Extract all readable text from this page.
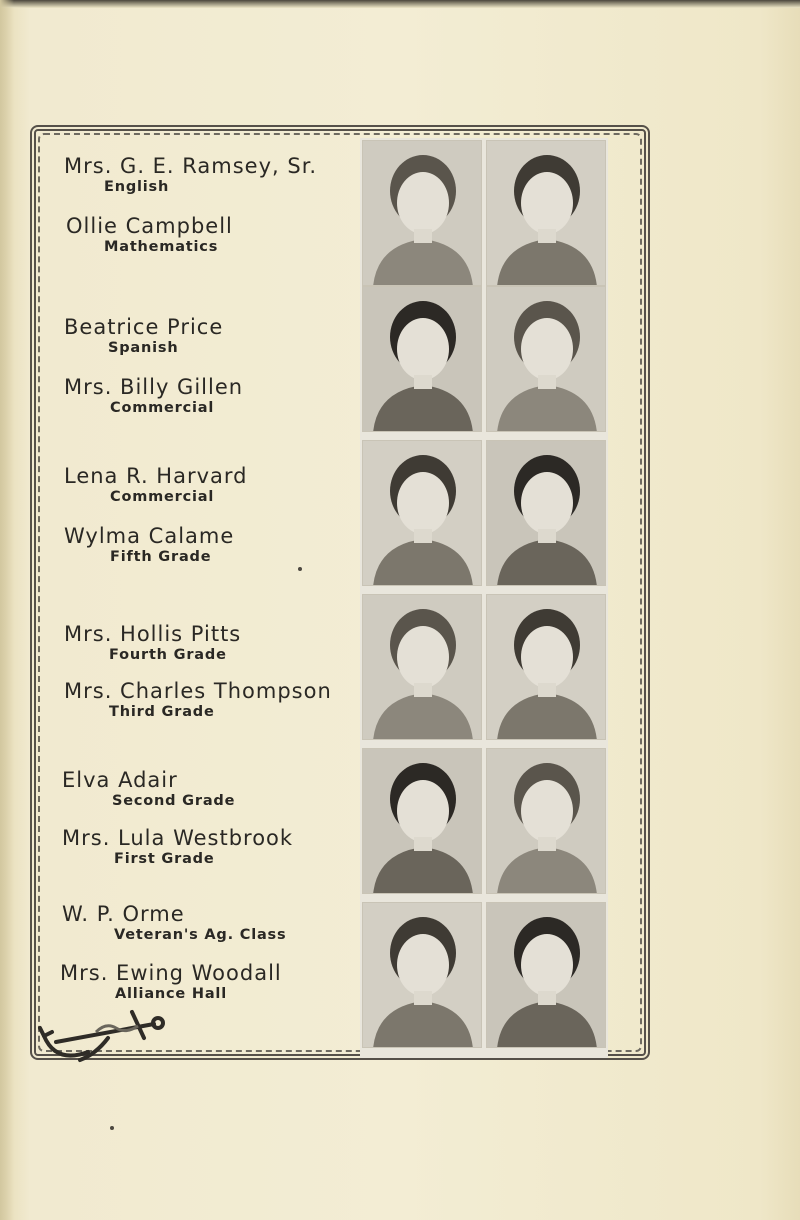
Mrs. G. E. Ramsey, Sr.
English
Ollie Campbell
Mathematics
Beatrice Price
Spanish
Mrs. Billy Gillen
Commercial
Lena R. Harvard
Commercial
Wylma Calame
Fifth Grade
Mrs. Hollis Pitts
Fourth Grade
Mrs. Charles Thompson
Third Grade
Elva Adair
Second Grade
Mrs. Lula Westbrook
First Grade
W. P. Orme
Veteran's Ag. Class
Mrs. Ewing Woodall
Alliance Hall
